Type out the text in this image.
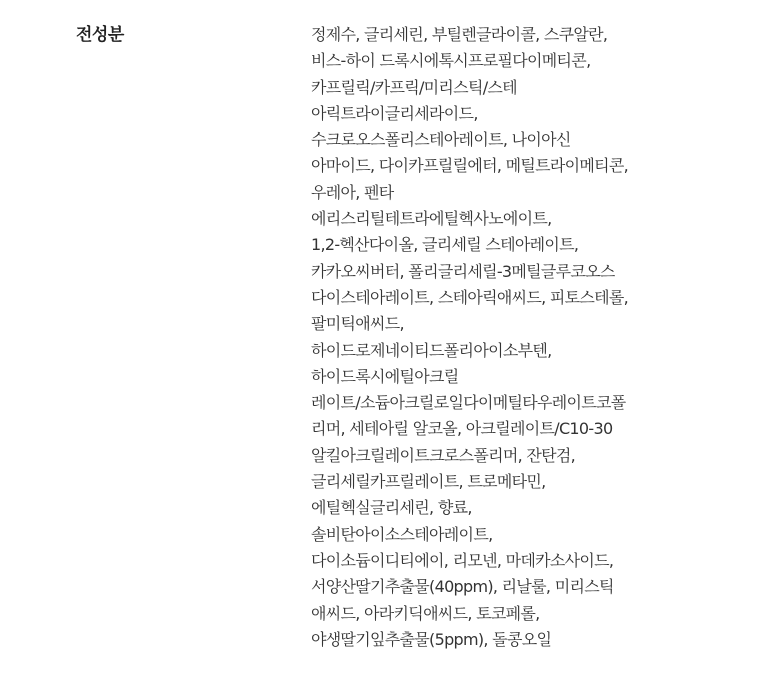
전성분	정제수, 글리세린, 부틸렌글라이콜, 스쿠알란,
비스-하이 드록시에톡시프로필다이메티콘,
카프릴릭/카프릭/미리스틱/스테
아릭트라이글리세라이드,
수크로오스폴리스테아레이트, 나이아신
아마이드, 다이카프릴릴에터, 메틸트라이메티콘,
우레아, 펜타
에리스리틸테트라에틸헥사노에이트,
1,2-헥산다이올, 글리세릴 스테아레이트,
카카오씨버터, 폴리글리세릴-3메틸글루코오스
다이스테아레이트, 스테아릭애씨드, 피토스테롤,
팔미틱애씨드,
하이드로제네이티드폴리아이소부텐,
하이드록시에틸아크릴
레이트/소듐아크릴로일다이메틸타우레이트코폴
리머, 세테아릴 알코올, 아크릴레이트/C10-30
알킬아크릴레이트크로스폴리머, 잔탄검,
글리세릴카프릴레이트, 트로메타민,
에틸헥실글리세린, 향료,
솔비탄아이소스테아레이트,
다이소듐이디티에이, 리모넨, 마데카소사이드,
서양산딸기추출물(40ppm), 리날룰, 미리스틱
애씨드, 아라키딕애씨드, 토코페롤,
야생딸기잎추출물(5ppm), 돌콩오일
